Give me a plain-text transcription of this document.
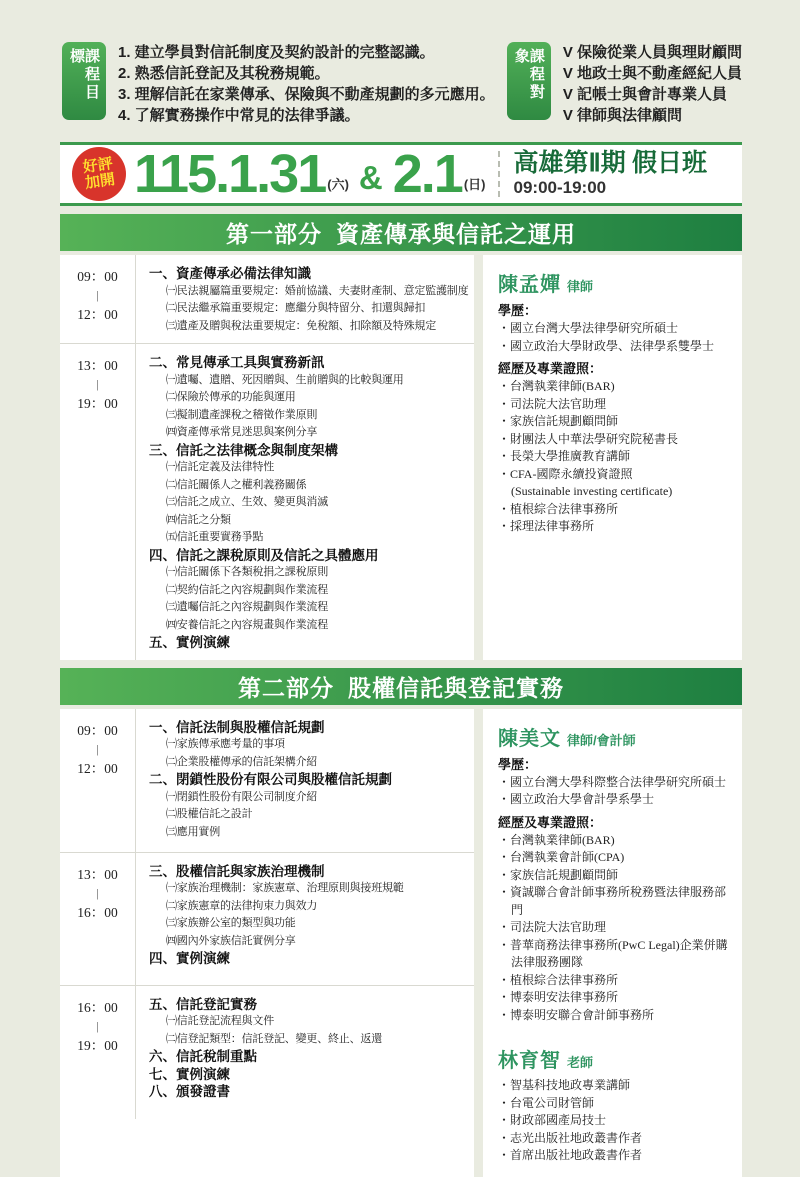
課程目標	1. 建立學員對信託制度及契約設計的完整認識。
2. 熟悉信託登記及其稅務規範。
3. 理解信託在家業傳承、保險與不動產規劃的多元應用。
4. 了解實務操作中常見的法律爭議。
課程對象	V 保險從業人員與理財顧問
V 地政士與不動產經紀人員
V 記帳士與會計專業人員
V 律師與法律顧問
好評
加開 115.1.31 (六) & 2.1 (日)
高雄第Ⅱ期 假日班
09:00-19:00
第一部分 資產傳承與信託之運用
09：00
|
12：00
一、資產傳承必備法律知識
㈠民法親屬篇重要規定：婚前協議、夫妻財產制、意定監護制度
㈡民法繼承篇重要規定：應繼分與特留分、扣還與歸扣
㈢遺產及贈與稅法重要規定：免稅額、扣除額及特殊規定
13：00
|
19：00
二、常見傳承工具與實務新訊
㈠遺囑、遺贈、死因贈與、生前贈與的比較與運用
㈡保險於傳承的功能與運用
㈢擬制遺產課稅之稽徵作業原則
㈣資產傳承常見迷思與案例分享
三、信託之法律概念與制度架構
㈠信託定義及法律特性
㈡信託關係人之權利義務關係
㈢信託之成立、生效、變更與消滅
㈣信託之分類
㈤信託重要實務爭點
四、信託之課稅原則及信託之具體應用
㈠信託關係下各類稅捐之課稅原則
㈡契約信託之內容規劃與作業流程
㈢遺囑信託之內容規劃與作業流程
㈣安養信託之內容規畫與作業流程
五、實例演練
陳孟嬋 律師
學歷：
・國立台灣大學法律學研究所碩士
・國立政治大學財政學、法律學系雙學士
經歷及專業證照：
・台灣執業律師(BAR)
・司法院大法官助理
・家族信託規劃顧問師
・財團法人中華法學研究院秘書長
・長榮大學推廣教育講師
・CFA-國際永續投資證照
(Sustainable investing certificate)
・植根綜合法律事務所
・採理法律事務所
第二部分 股權信託與登記實務
09：00
|
12：00
一、信託法制與股權信託規劃
㈠家族傳承應考量的事項
㈡企業股權傳承的信託架構介紹
二、閉鎖性股份有限公司與股權信託規劃
㈠閉鎖性股份有限公司制度介紹
㈡股權信託之設計
㈢應用實例
13：00
|
16：00
三、股權信託與家族治理機制
㈠家族治理機制：家族憲章、治理原則與接班規範
㈡家族憲章的法律拘束力與效力
㈢家族辦公室的類型與功能
㈣國內外家族信託實例分享
四、實例演練
16：00
|
19：00
五、信託登記實務
㈠信託登記流程與文件
㈡信登記類型：信託登記、變更、終止、返還
六、信託稅制重點
七、實例演練
八、頒發證書
陳美文 律師/會計師
學歷：
・國立台灣大學科際整合法律學研究所碩士
・國立政治大學會計學系學士
經歷及專業證照：
・台灣執業律師(BAR)
・台灣執業會計師(CPA)
・家族信託規劃顧問師
・資誠聯合會計師事務所稅務暨法律服務部門
・司法院大法官助理
・普華商務法律事務所(PwC Legal)企業併購法律服務團隊
・植根綜合法律事務所
・博泰明安法律事務所
・博泰明安聯合會計師事務所
林育智 老師
・智基科技地政專業講師
・台電公司財管師
・財政部國產局技士
・志光出版社地政叢書作者
・首席出版社地政叢書作者
